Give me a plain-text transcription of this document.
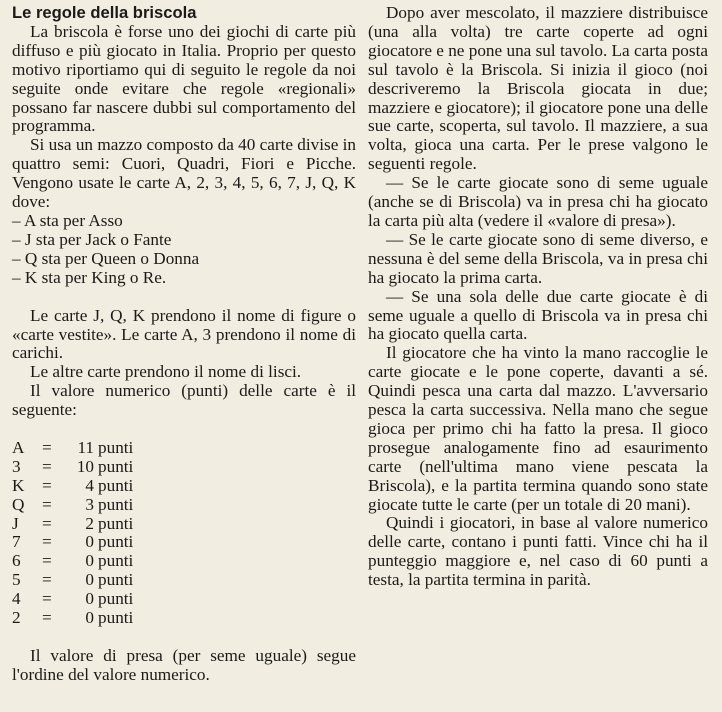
Le regole della briscola

La briscola è forse uno dei giochi di carte più diffuso e più giocato in Italia. Proprio per questo motivo riportiamo qui di seguito le regole da noi seguite onde evitare che regole «regionali» possano far nascere dubbi sul comportamento del programma.

Si usa un mazzo composto da 40 carte divise in quattro semi: Cuori, Quadri, Fiori e Picche. Vengono usate le carte A, 2, 3, 4, 5, 6, 7, J, Q, K dove:

– A sta per Asso

– J sta per Jack o Fante

– Q sta per Queen o Donna

– K sta per King o Re.

Le carte J, Q, K prendono il nome di figure o «carte vestite». Le carte A, 3 prendono il nome di carichi.

Le altre carte prendono il nome di lisci.

Il valore numerico (punti) delle carte è il seguente:

A	=	11 punti
3	=	10 punti
K	=	4 punti
Q	=	3 punti
J	=	2 punti
7	=	0 punti
6	=	0 punti
5	=	0 punti
4	=	0 punti
2	=	0 punti

Il valore di presa (per seme uguale) segue l'ordine del valore numerico.

Dopo aver mescolato, il mazziere distribuisce (una alla volta) tre carte coperte ad ogni giocatore e ne pone una sul tavolo. La carta posta sul tavolo è la Briscola. Si inizia il gioco (noi descriveremo la Briscola giocata in due; mazziere e giocatore); il giocatore pone una delle sue carte, scoperta, sul tavolo. Il mazziere, a sua volta, gioca una carta. Per le prese valgono le seguenti regole.

— Se le carte giocate sono di seme uguale (anche se di Briscola) va in presa chi ha giocato la carta più alta (vedere il «valore di presa»).

— Se le carte giocate sono di seme diverso, e nessuna è del seme della Briscola, va in presa chi ha giocato la prima carta.

— Se una sola delle due carte giocate è di seme uguale a quello di Briscola va in presa chi ha giocato quella carta.

Il giocatore che ha vinto la mano raccoglie le carte giocate e le pone coperte, davanti a sé. Quindi pesca una carta dal mazzo. L'avversario pesca la carta successiva. Nella mano che segue gioca per primo chi ha fatto la presa. Il gioco prosegue analogamente fino ad esaurimento carte (nell'ultima mano viene pescata la Briscola), e la partita termina quando sono state giocate tutte le carte (per un totale di 20 mani).

Quindi i giocatori, in base al valore numerico delle carte, contano i punti fatti. Vince chi ha il punteggio maggiore e, nel caso di 60 punti a testa, la partita termina in parità.
